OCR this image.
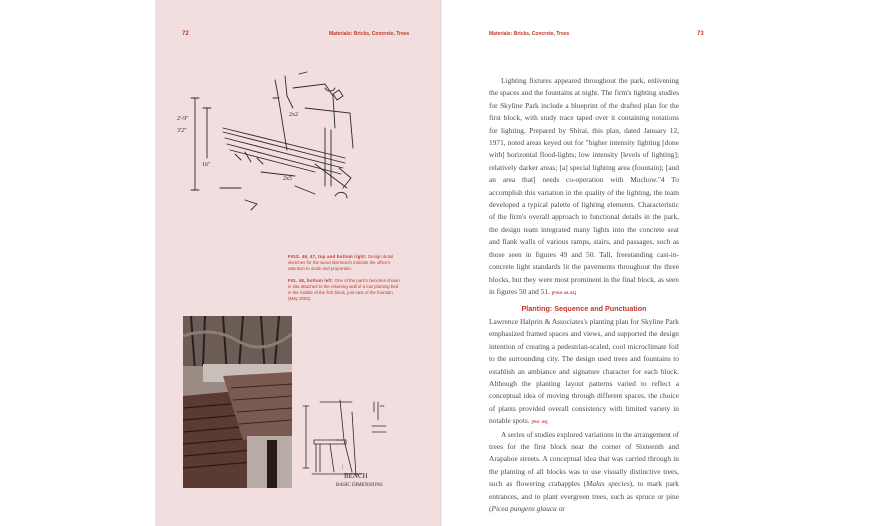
72	Materials: Bricks, Concrete, Trees
2'-9"
3'2"
16"
2x2
2x5

FIGS. 46, 47, top and bottom right: Design detail sketches for the wood slat bench indicate the office's attention to scale and proportion.

FIG. 48, bottom left: One of the park's benches shown in situ attached to the retaining wall of a low planting bed in the middle of the first block, just east of the fountain (May 2003).

|
BENCH
BASIC DIMENSIONS
Materials: Bricks, Concrete, Trees	73

Lighting fixtures appeared throughout the park, enlivening the spaces and the fountains at night. The firm's lighting studies for Skyline Park include a blueprint of the drafted plan for the first block, with study trace taped over it containing notations for lighting. Prepared by Shirai, this plan, dated January 12, 1971, noted areas keyed out for "higher intensity lighting [done with] horizontal flood-lights; low intensity [levels of lighting]; relatively darker areas; [a] special lighting area (fountain); [and an area that] needs co-operation with Muchow."4 To accomplish this variation in the quality of the lighting, the team developed a typical palette of lighting elements. Characteristic of the firm's overall approach to functional details in the park, the design team integrated many lights into the concrete seat and flank walls of various ramps, stairs, and passages, such as those seen in figures 49 and 50. Tall, freestanding cast-in-concrete light standards lit the pavements throughout the three blocks, but they were most prominent in the final block, as seen in figures 50 and 51. [FIGS 49–51]

Planting: Sequence and Punctuation

Lawrence Halprin & Associates's planting plan for Skyline Park emphasized framed spaces and views, and supported the design intention of creating a pedestrian-scaled, cool microclimate foil to the surrounding city. The design used trees and fountains to establish an ambiance and signature character for each block. Although the planting layout patterns varied to reflect a conceptual idea of moving through different spaces, the choice of plants provided overall consistency with limited variety in notable spots. [FIG. 52]

A series of studies explored variations in the arrangement of trees for the first block near the corner of Sixteenth and Arapahoe streets. A conceptual idea that was carried through in the planting of all blocks was to use visually distinctive trees, such as flowering crabapples (Malus species), to mark park entrances, and to plant evergreen trees, such as spruce or pine (Picea pungens glauca or
